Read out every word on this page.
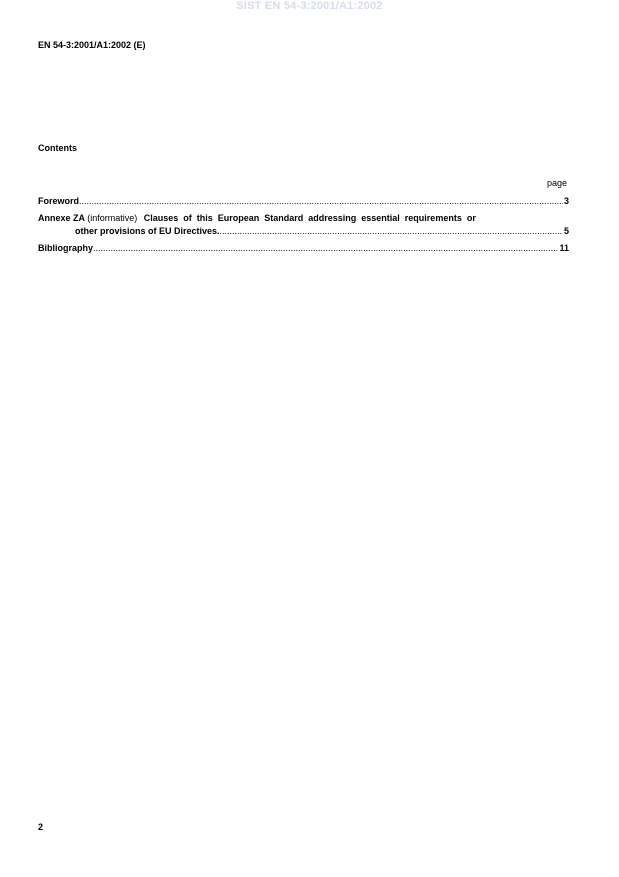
SIST EN 54-3:2001/A1:2002
EN 54-3:2001/A1:2002 (E)
Contents
page
Foreword .....	3
Annexe ZA (informative) Clauses of this European Standard addressing essential requirements or
other provisions of EU Directives. .....	5
Bibliography .....	11
2
